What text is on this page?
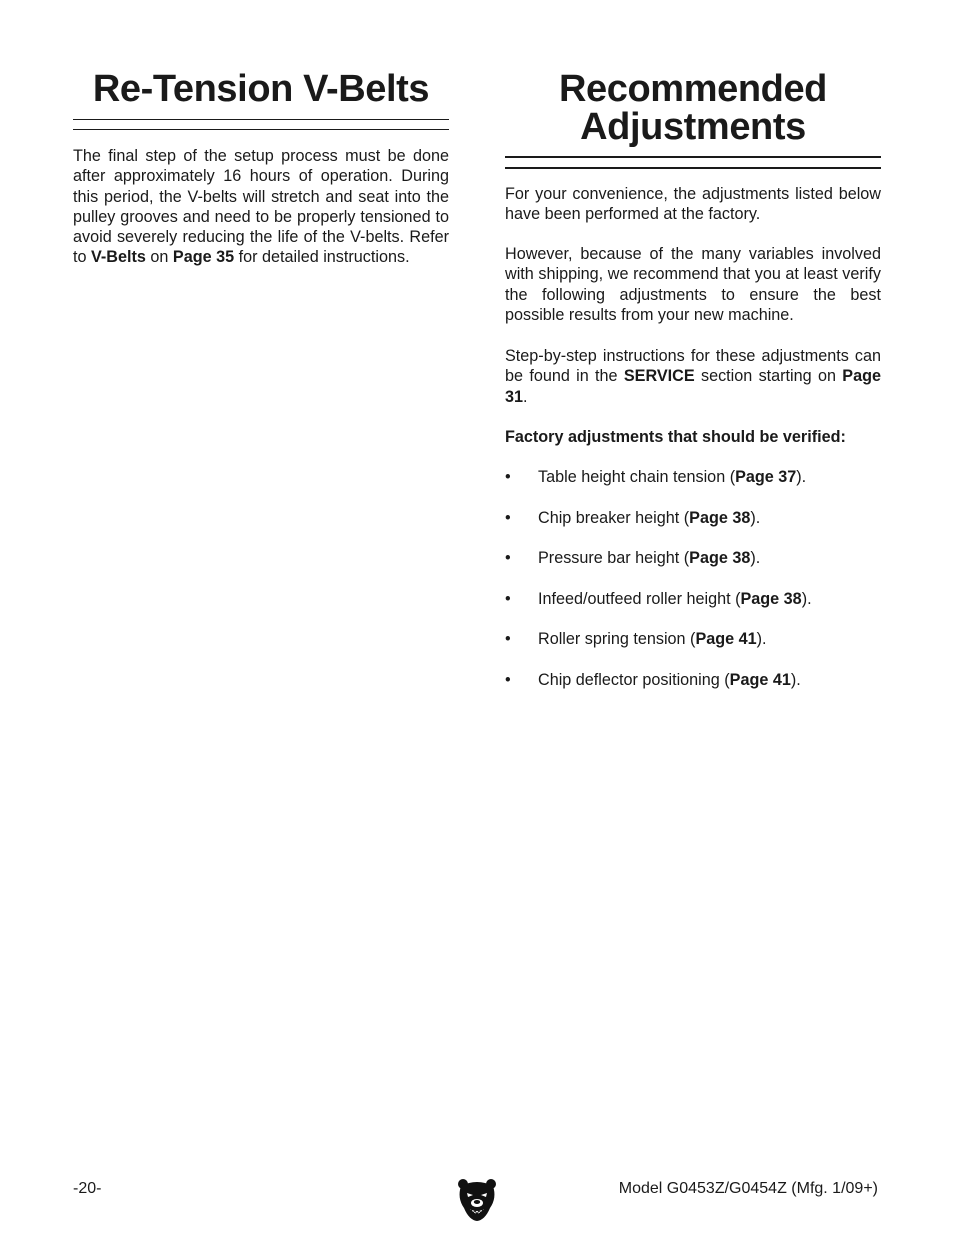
Re-Tension V-Belts

The final step of the setup process must be done after approximately 16 hours of operation. During this period, the V-belts will stretch and seat into the pulley grooves and need to be properly tensioned to avoid severely reducing the life of the V-belts. Refer to V-Belts on Page 35 for detailed instructions.

Recommended
Adjustments

For your convenience, the adjustments listed below have been performed at the factory.

However, because of the many variables involved with shipping, we recommend that you at least verify the following adjustments to ensure the best possible results from your new machine.

Step-by-step instructions for these adjustments can be found in the SERVICE section starting on Page 31.

Factory adjustments that should be verified:

• Table height chain tension (Page 37).
• Chip breaker height (Page 38).
• Pressure bar height (Page 38).
• Infeed/outfeed roller height (Page 38).
• Roller spring tension (Page 41).
• Chip deflector positioning (Page 41).
-20-	Model G0453Z/G0454Z (Mfg. 1/09+)
